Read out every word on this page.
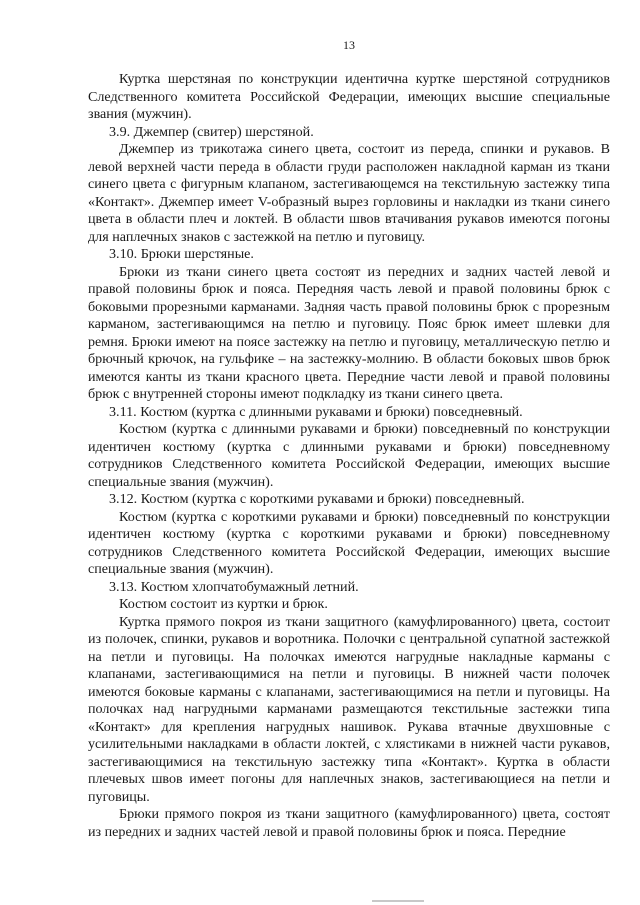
13

Куртка шерстяная по конструкции идентична куртке шерстяной сотрудников Следственного комитета Российской Федерации, имеющих высшие специальные звания (мужчин).

3.9. Джемпер (свитер) шерстяной.

Джемпер из трикотажа синего цвета, состоит из переда, спинки и рукавов. В левой верхней части переда в области груди расположен накладной карман из ткани синего цвета с фигурным клапаном, застегивающемся на текстильную застежку типа «Контакт». Джемпер имеет V-образный вырез горловины и накладки из ткани синего цвета в области плеч и локтей. В области швов втачивания рукавов имеются погоны для наплечных знаков с застежкой на петлю и пуговицу.

3.10. Брюки шерстяные.

Брюки из ткани синего цвета состоят из передних и задних частей левой и правой половины брюк и пояса. Передняя часть левой и правой половины брюк с боковыми прорезными карманами. Задняя часть правой половины брюк с прорезным карманом, застегивающимся на петлю и пуговицу. Пояс брюк имеет шлевки для ремня. Брюки имеют на поясе застежку на петлю и пуговицу, металлическую петлю и брючный крючок, на гульфике – на застежку-молнию. В области боковых швов брюк имеются канты из ткани красного цвета. Передние части левой и правой половины брюк с внутренней стороны имеют подкладку из ткани синего цвета.

3.11. Костюм (куртка с длинными рукавами и брюки) повседневный.

Костюм (куртка с длинными рукавами и брюки) повседневный по конструкции идентичен костюму (куртка с длинными рукавами и брюки) повседневному сотрудников Следственного комитета Российской Федерации, имеющих высшие специальные звания (мужчин).

3.12. Костюм (куртка с короткими рукавами и брюки) повседневный.

Костюм (куртка с короткими рукавами и брюки) повседневный по конструкции идентичен костюму (куртка с короткими рукавами и брюки) повседневному сотрудников Следственного комитета Российской Федерации, имеющих высшие специальные звания (мужчин).

3.13. Костюм хлопчатобумажный летний.

Костюм состоит из куртки и брюк.

Куртка прямого покроя из ткани защитного (камуфлированного) цвета, состоит из полочек, спинки, рукавов и воротника. Полочки с центральной супатной застежкой на петли и пуговицы. На полочках имеются нагрудные накладные карманы с клапанами, застегивающимися на петли и пуговицы. В нижней части полочек имеются боковые карманы с клапанами, застегивающимися на петли и пуговицы. На полочках над нагрудными карманами размещаются текстильные застежки типа «Контакт» для крепления нагрудных нашивок. Рукава втачные двухшовные с усилительными накладками в области локтей, с хлястиками в нижней части рукавов, застегивающимися на текстильную застежку типа «Контакт». Куртка в области плечевых швов имеет погоны для наплечных знаков, застегивающиеся на петли и пуговицы.

Брюки прямого покроя из ткани защитного (камуфлированного) цвета, состоят из передних и задних частей левой и правой половины брюк и пояса. Передние
